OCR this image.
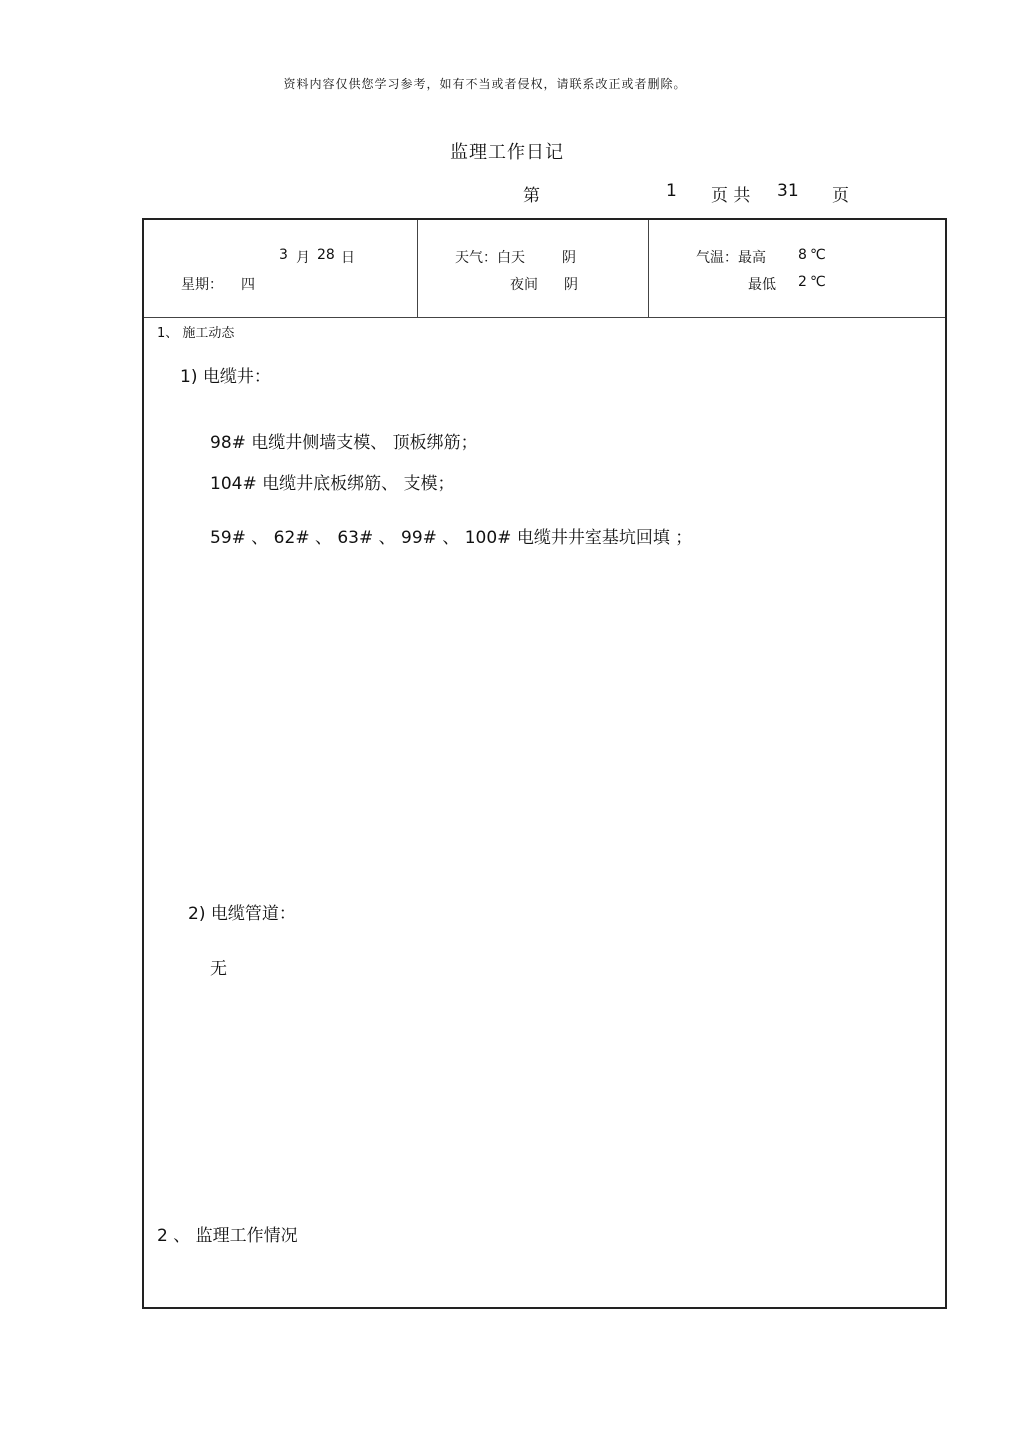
资料内容仅供您学习参考，如有不当或者侵权，请联系改正或者删除。
监理工作日记
第	1 页 共 31 页
3 月 28 日
星期： 四
天气：白天	阴
夜间 阴
气温：最高 8 ℃
最低 2 ℃
1、 施工动态
1) 电缆井：
98# 电缆井侧墙支模、 顶板绑筋；
104# 电缆井底板绑筋、 支模；
59# 、 62# 、 63# 、 99# 、 100# 电缆井井室基坑回填 ；
2) 电缆管道：
无
2 、 监理工作情况
